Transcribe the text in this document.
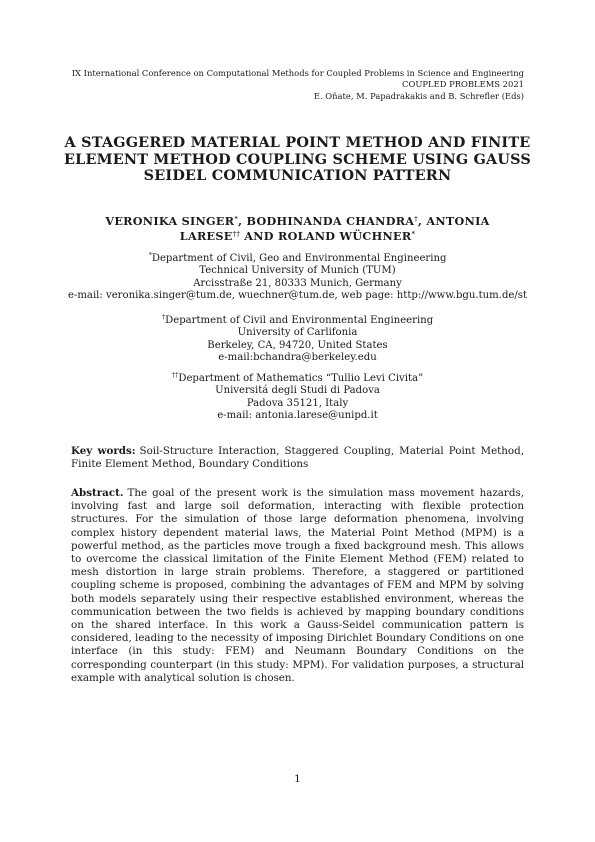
IX International Conference on Computational Methods for Coupled Problems in Science and Engineering
COUPLED PROBLEMS 2021
E. Oñate, M. Papadrakakis and B. Schrefler (Eds)
A STAGGERED MATERIAL POINT METHOD AND FINITE
ELEMENT METHOD COUPLING SCHEME USING GAUSS
SEIDEL COMMUNICATION PATTERN
VERONIKA SINGER*, BODHINANDA CHANDRA†, ANTONIA
LARESE†† AND ROLAND WÜCHNER*
*Department of Civil, Geo and Environmental Engineering
Technical University of Munich (TUM)
Arcisstraße 21, 80333 Munich, Germany
e-mail: veronika.singer@tum.de, wuechner@tum.de, web page: http://www.bgu.tum.de/st
†Department of Civil and Environmental Engineering
University of Carlifonia
Berkeley, CA, 94720, United States
e-mail:bchandra@berkeley.edu
††Department of Mathematics “Tullio Levi Civita”
Universitá degli Studi di Padova
Padova 35121, Italy
e-mail: antonia.larese@unipd.it
Key words: Soil-Structure Interaction, Staggered Coupling, Material Point Method, Finite Element Method, Boundary Conditions
Abstract. The goal of the present work is the simulation mass movement hazards, involving fast and large soil deformation, interacting with flexible protection structures. For the simulation of those large deformation phenomena, involving complex history dependent material laws, the Material Point Method (MPM) is a powerful method, as the particles move trough a fixed background mesh. This allows to overcome the classical limitation of the Finite Element Method (FEM) related to mesh distortion in large strain problems. Therefore, a staggered or partitioned coupling scheme is proposed, combining the advantages of FEM and MPM by solving both models separately using their respective established environment, whereas the communication between the two fields is achieved by mapping boundary conditions on the shared interface. In this work a Gauss-Seidel communication pattern is considered, leading to the necessity of imposing Dirichlet Boundary Conditions on one interface (in this study: FEM) and Neumann Boundary Conditions on the corresponding counterpart (in this study: MPM). For validation purposes, a structural example with analytical solution is chosen.
1
